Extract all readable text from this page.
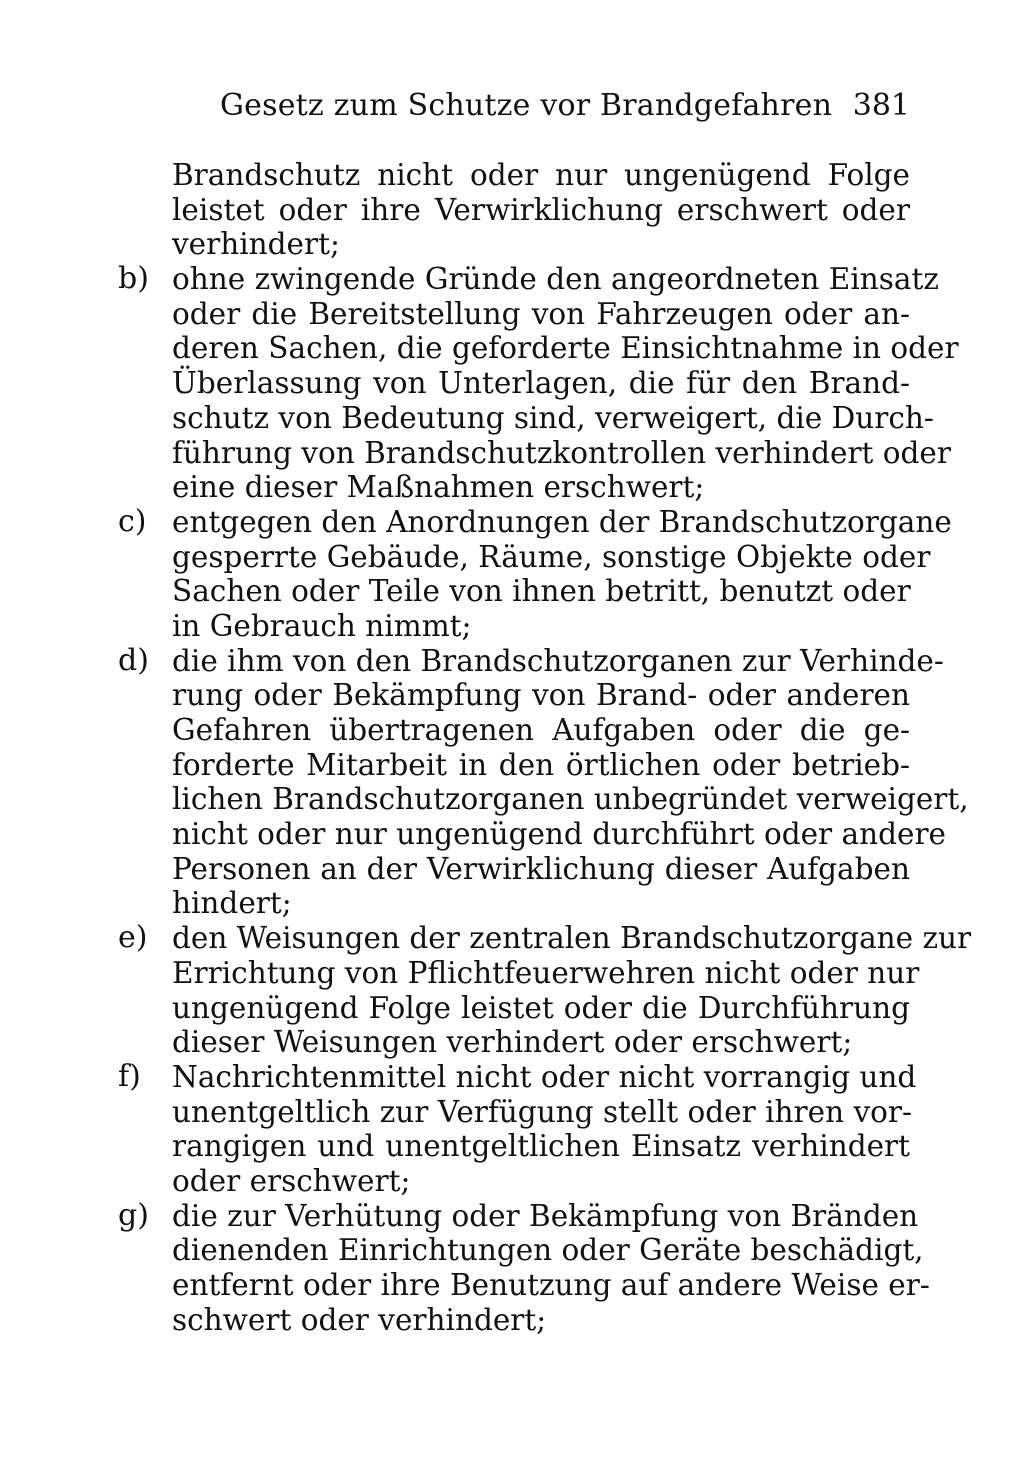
Gesetz zum Schutze vor Brandgefahren 381
Brandschutz nicht oder nur ungenügend Folge
leistet oder ihre Verwirklichung erschwert oder
verhindert;
b) ohne zwingende Gründe den angeordneten Einsatz
oder die Bereitstellung von Fahrzeugen oder an-
deren Sachen, die geforderte Einsichtnahme in oder
Überlassung von Unterlagen, die für den Brand-
schutz von Bedeutung sind, verweigert, die Durch-
führung von Brandschutzkontrollen verhindert oder
eine dieser Maßnahmen erschwert;
c) entgegen den Anordnungen der Brandschutzorgane
gesperrte Gebäude, Räume, sonstige Objekte oder
Sachen oder Teile von ihnen betritt, benutzt oder
in Gebrauch nimmt;
d) die ihm von den Brandschutzorganen zur Verhinde-
rung oder Bekämpfung von Brand- oder anderen
Gefahren übertragenen Aufgaben oder die ge-
forderte Mitarbeit in den örtlichen oder betrieb-
lichen Brandschutzorganen unbegründet verweigert,
nicht oder nur ungenügend durchführt oder andere
Personen an der Verwirklichung dieser Aufgaben
hindert;
e) den Weisungen der zentralen Brandschutzorgane zur
Errichtung von Pflichtfeuerwehren nicht oder nur
ungenügend Folge leistet oder die Durchführung
dieser Weisungen verhindert oder erschwert;
f)	Nachrichtenmittel nicht oder nicht vorrangig und
unentgeltlich zur Verfügung stellt oder ihren vor-
rangigen und unentgeltlichen Einsatz verhindert
oder erschwert;
g) die zur Verhütung oder Bekämpfung von Bränden
dienenden Einrichtungen oder Geräte beschädigt,
entfernt oder ihre Benutzung auf andere Weise er-
schwert oder verhindert;
